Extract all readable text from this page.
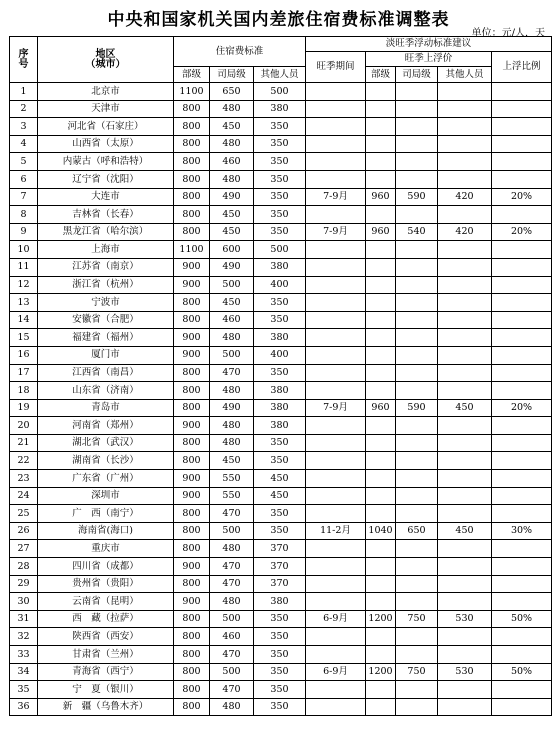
中央和国家机关国内差旅住宿费标准调整表
单位：元/人．天
序
号	地区
（城市）	住宿费标准			淡旺季浮动标准建议				
					旺季期间	旺季上浮价			上浮比例
		部级	司局级	其他人员		部级	司局级	其他人员	
1	北京市	1100	650	500					
2	天津市	800	480	380					
3	河北省（石家庄）	800	450	350					
4	山西省（太原）	800	480	350					
5	内蒙古（呼和浩特）	800	460	350					
6	辽宁省（沈阳）	800	480	350					
7	大连市	800	490	350	7-9月	960	590	420	20%
8	吉林省（长春）	800	450	350					
9	黑龙江省（哈尔滨）	800	450	350	7-9月	960	540	420	20%
10	上海市	1100	600	500					
11	江苏省（南京）	900	490	380					
12	浙江省（杭州）	900	500	400					
13	宁波市	800	450	350					
14	安徽省（合肥）	800	460	350					
15	福建省（福州）	900	480	380					
16	厦门市	900	500	400					
17	江西省（南昌）	800	470	350					
18	山东省（济南）	800	480	380					
19	青岛市	800	490	380	7-9月	960	590	450	20%
20	河南省（郑州）	900	480	380					
21	湖北省（武汉）	800	480	350					
22	湖南省（长沙）	800	450	350					
23	广东省（广州）	900	550	450					
24	深圳市	900	550	450					
25	广　西（南宁）	800	470	350					
26	海南省(海口)	800	500	350	11-2月	1040	650	450	30%
27	重庆市	800	480	370					
28	四川省（成都）	900	470	370					
29	贵州省（贵阳）	800	470	370					
30	云南省（昆明）	900	480	380					
31	西　藏（拉萨）	800	500	350	6-9月	1200	750	530	50%
32	陕西省（西安）	800	460	350					
33	甘肃省（兰州）	800	470	350					
34	青海省（西宁）	800	500	350	6-9月	1200	750	530	50%
35	宁　夏（银川）	800	470	350					
36	新　疆（乌鲁木齐）	800	480	350					
